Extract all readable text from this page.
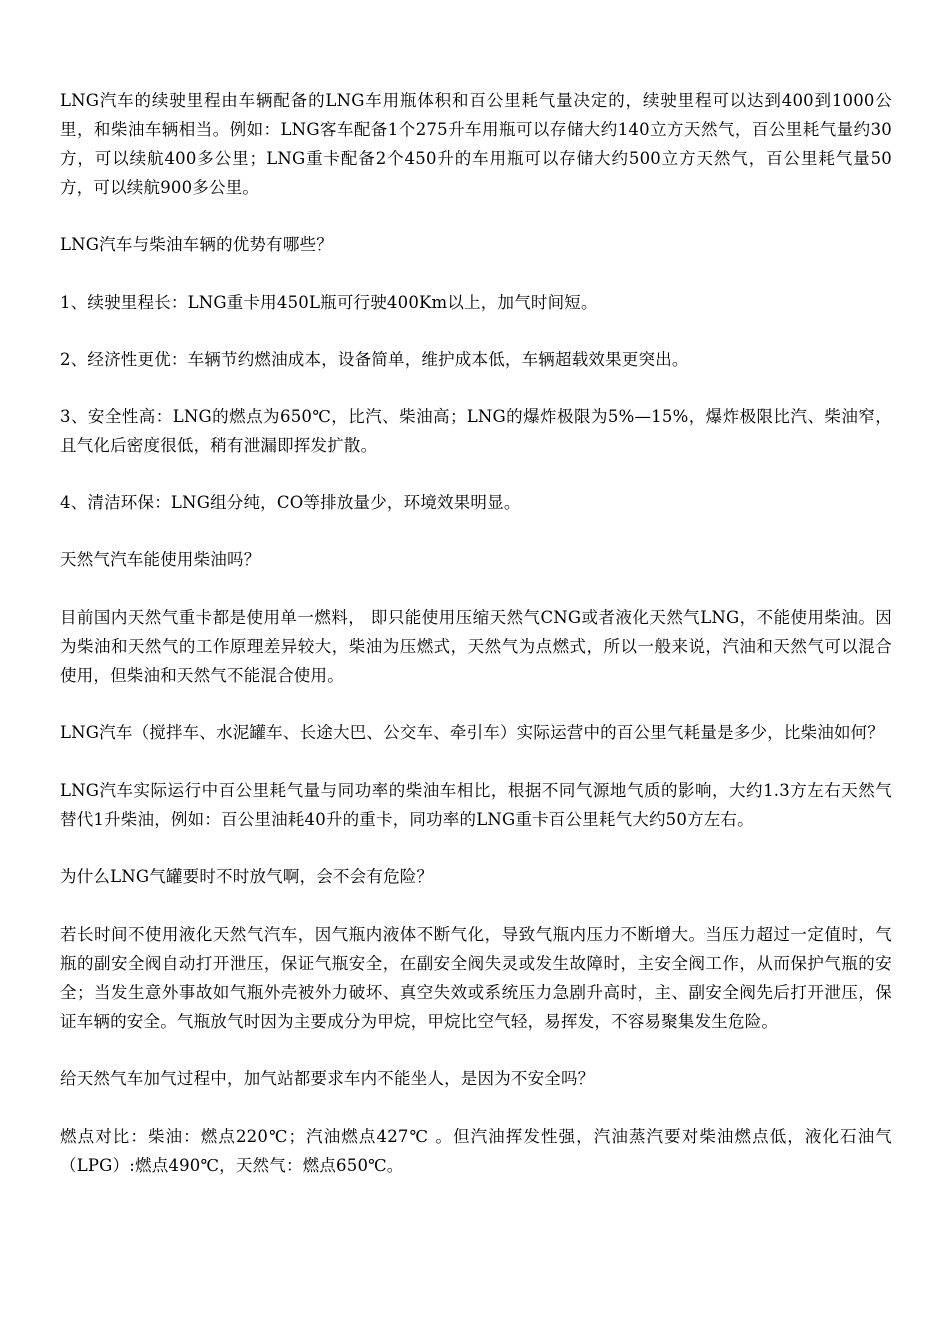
LNG汽车的续驶里程由车辆配备的LNG车用瓶体积和百公里耗气量决定的，续驶里程可以达到400到1000公里，和柴油车辆相当。例如：LNG客车配备1个275升车用瓶可以存储大约140立方天然气，百公里耗气量约30方，可以续航400多公里；LNG重卡配备2个450升的车用瓶可以存储大约500立方天然气，百公里耗气量50方，可以续航900多公里。

LNG汽车与柴油车辆的优势有哪些？

1、续驶里程长：LNG重卡用450L瓶可行驶400Km以上，加气时间短。

2、经济性更优：车辆节约燃油成本，设备简单，维护成本低，车辆超载效果更突出。

3、安全性高：LNG的燃点为650℃，比汽、柴油高；LNG的爆炸极限为5%—15%，爆炸极限比汽、柴油窄，且气化后密度很低，稍有泄漏即挥发扩散。

4、清洁环保：LNG组分纯，CO等排放量少，环境效果明显。

天然气汽车能使用柴油吗？

目前国内天然气重卡都是使用单一燃料， 即只能使用压缩天然气CNG或者液化天然气LNG，不能使用柴油。因为柴油和天然气的工作原理差异较大，柴油为压燃式，天然气为点燃式，所以一般来说，汽油和天然气可以混合使用，但柴油和天然气不能混合使用。

LNG汽车（搅拌车、水泥罐车、长途大巴、公交车、牵引车）实际运营中的百公里气耗量是多少，比柴油如何？

LNG汽车实际运行中百公里耗气量与同功率的柴油车相比，根据不同气源地气质的影响，大约1.3方左右天然气替代1升柴油，例如：百公里油耗40升的重卡，同功率的LNG重卡百公里耗气大约50方左右。

为什么LNG气罐要时不时放气啊，会不会有危险？

若长时间不使用液化天然气汽车，因气瓶内液体不断气化，导致气瓶内压力不断增大。当压力超过一定值时，气瓶的副安全阀自动打开泄压，保证气瓶安全，在副安全阀失灵或发生故障时，主安全阀工作，从而保护气瓶的安全；当发生意外事故如气瓶外壳被外力破坏、真空失效或系统压力急剧升高时，主、副安全阀先后打开泄压，保证车辆的安全。气瓶放气时因为主要成分为甲烷，甲烷比空气轻，易挥发，不容易聚集发生危险。

给天然气车加气过程中，加气站都要求车内不能坐人，是因为不安全吗？

燃点对比：柴油：燃点220℃；汽油燃点427℃ 。但汽油挥发性强，汽油蒸汽要对柴油燃点低，液化石油气（LPG）:燃点490℃，天然气：燃点650℃。
